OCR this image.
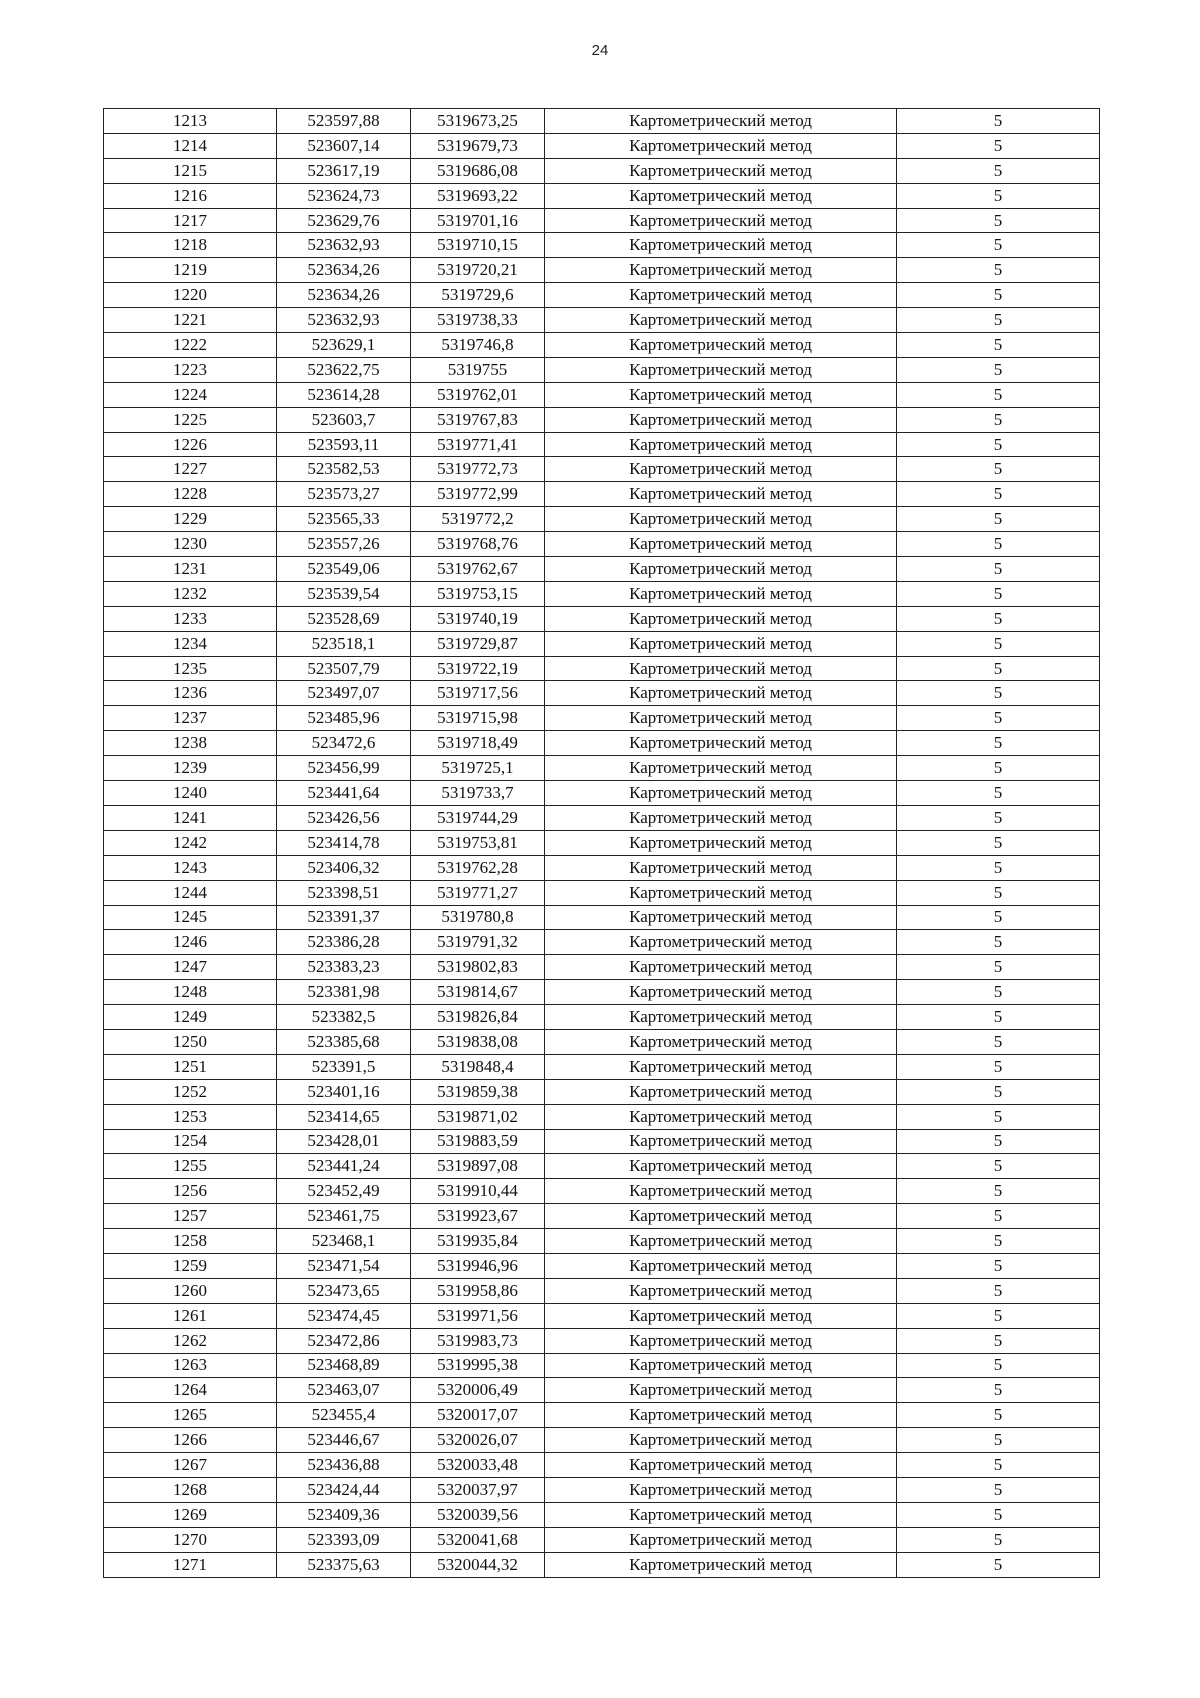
24
1213	523597,88	5319673,25	Картометрический метод	5
1214	523607,14	5319679,73	Картометрический метод	5
1215	523617,19	5319686,08	Картометрический метод	5
1216	523624,73	5319693,22	Картометрический метод	5
1217	523629,76	5319701,16	Картометрический метод	5
1218	523632,93	5319710,15	Картометрический метод	5
1219	523634,26	5319720,21	Картометрический метод	5
1220	523634,26	5319729,6	Картометрический метод	5
1221	523632,93	5319738,33	Картометрический метод	5
1222	523629,1	5319746,8	Картометрический метод	5
1223	523622,75	5319755	Картометрический метод	5
1224	523614,28	5319762,01	Картометрический метод	5
1225	523603,7	5319767,83	Картометрический метод	5
1226	523593,11	5319771,41	Картометрический метод	5
1227	523582,53	5319772,73	Картометрический метод	5
1228	523573,27	5319772,99	Картометрический метод	5
1229	523565,33	5319772,2	Картометрический метод	5
1230	523557,26	5319768,76	Картометрический метод	5
1231	523549,06	5319762,67	Картометрический метод	5
1232	523539,54	5319753,15	Картометрический метод	5
1233	523528,69	5319740,19	Картометрический метод	5
1234	523518,1	5319729,87	Картометрический метод	5
1235	523507,79	5319722,19	Картометрический метод	5
1236	523497,07	5319717,56	Картометрический метод	5
1237	523485,96	5319715,98	Картометрический метод	5
1238	523472,6	5319718,49	Картометрический метод	5
1239	523456,99	5319725,1	Картометрический метод	5
1240	523441,64	5319733,7	Картометрический метод	5
1241	523426,56	5319744,29	Картометрический метод	5
1242	523414,78	5319753,81	Картометрический метод	5
1243	523406,32	5319762,28	Картометрический метод	5
1244	523398,51	5319771,27	Картометрический метод	5
1245	523391,37	5319780,8	Картометрический метод	5
1246	523386,28	5319791,32	Картометрический метод	5
1247	523383,23	5319802,83	Картометрический метод	5
1248	523381,98	5319814,67	Картометрический метод	5
1249	523382,5	5319826,84	Картометрический метод	5
1250	523385,68	5319838,08	Картометрический метод	5
1251	523391,5	5319848,4	Картометрический метод	5
1252	523401,16	5319859,38	Картометрический метод	5
1253	523414,65	5319871,02	Картометрический метод	5
1254	523428,01	5319883,59	Картометрический метод	5
1255	523441,24	5319897,08	Картометрический метод	5
1256	523452,49	5319910,44	Картометрический метод	5
1257	523461,75	5319923,67	Картометрический метод	5
1258	523468,1	5319935,84	Картометрический метод	5
1259	523471,54	5319946,96	Картометрический метод	5
1260	523473,65	5319958,86	Картометрический метод	5
1261	523474,45	5319971,56	Картометрический метод	5
1262	523472,86	5319983,73	Картометрический метод	5
1263	523468,89	5319995,38	Картометрический метод	5
1264	523463,07	5320006,49	Картометрический метод	5
1265	523455,4	5320017,07	Картометрический метод	5
1266	523446,67	5320026,07	Картометрический метод	5
1267	523436,88	5320033,48	Картометрический метод	5
1268	523424,44	5320037,97	Картометрический метод	5
1269	523409,36	5320039,56	Картометрический метод	5
1270	523393,09	5320041,68	Картометрический метод	5
1271	523375,63	5320044,32	Картометрический метод	5
